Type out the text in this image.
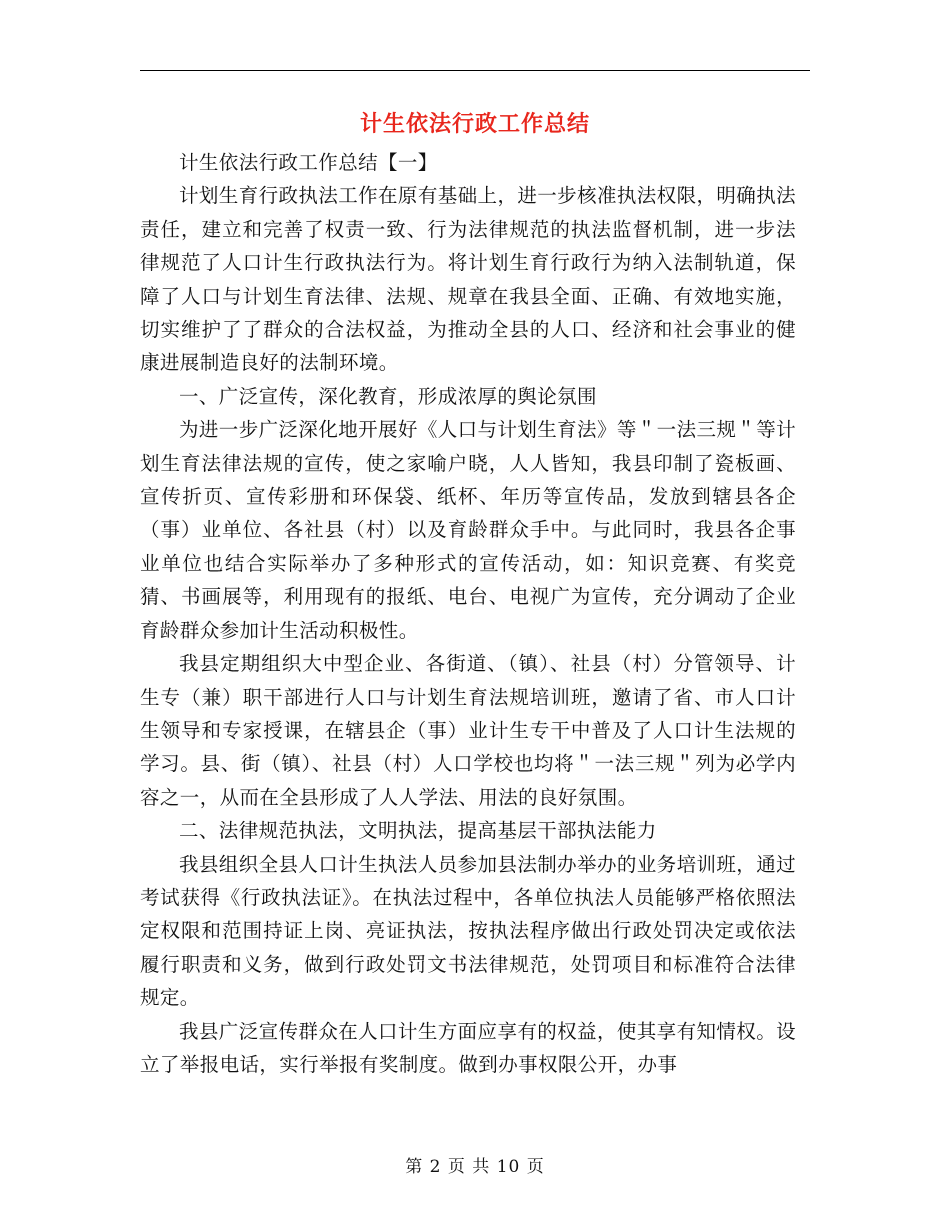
计生依法行政工作总结

计生依法行政工作总结【一】

计划生育行政执法工作在原有基础上，进一步核准执法权限，明确执法责任，建立和完善了权责一致、行为法律规范的执法监督机制，进一步法律规范了人口计生行政执法行为。将计划生育行政行为纳入法制轨道，保障了人口与计划生育法律、法规、规章在我县全面、正确、有效地实施，切实维护了了群众的合法权益，为推动全县的人口、经济和社会事业的健康进展制造良好的法制环境。

一、广泛宣传，深化教育，形成浓厚的舆论氛围

为进一步广泛深化地开展好《人口与计划生育法》等＂一法三规＂等计划生育法律法规的宣传，使之家喻户晓，人人皆知，我县印制了瓷板画、宣传折页、宣传彩册和环保袋、纸杯、年历等宣传品，发放到辖县各企（事）业单位、各社县（村）以及育龄群众手中。与此同时，我县各企事业单位也结合实际举办了多种形式的宣传活动，如：知识竞赛、有奖竞猜、书画展等，利用现有的报纸、电台、电视广为宣传，充分调动了企业育龄群众参加计生活动积极性。

我县定期组织大中型企业、各街道、（镇）、社县（村）分管领导、计生专（兼）职干部进行人口与计划生育法规培训班，邀请了省、市人口计生领导和专家授课，在辖县企（事）业计生专干中普及了人口计生法规的学习。县、街（镇）、社县（村）人口学校也均将＂一法三规＂列为必学内容之一，从而在全县形成了人人学法、用法的良好氛围。

二、法律规范执法，文明执法，提高基层干部执法能力

我县组织全县人口计生执法人员参加县法制办举办的业务培训班，通过考试获得《行政执法证》。在执法过程中，各单位执法人员能够严格依照法定权限和范围持证上岗、亮证执法，按执法程序做出行政处罚决定或依法履行职责和义务，做到行政处罚文书法律规范，处罚项目和标准符合法律规定。

我县广泛宣传群众在人口计生方面应享有的权益，使其享有知情权。设立了举报电话，实行举报有奖制度。做到办事权限公开，办事

第 2 页 共 10 页
